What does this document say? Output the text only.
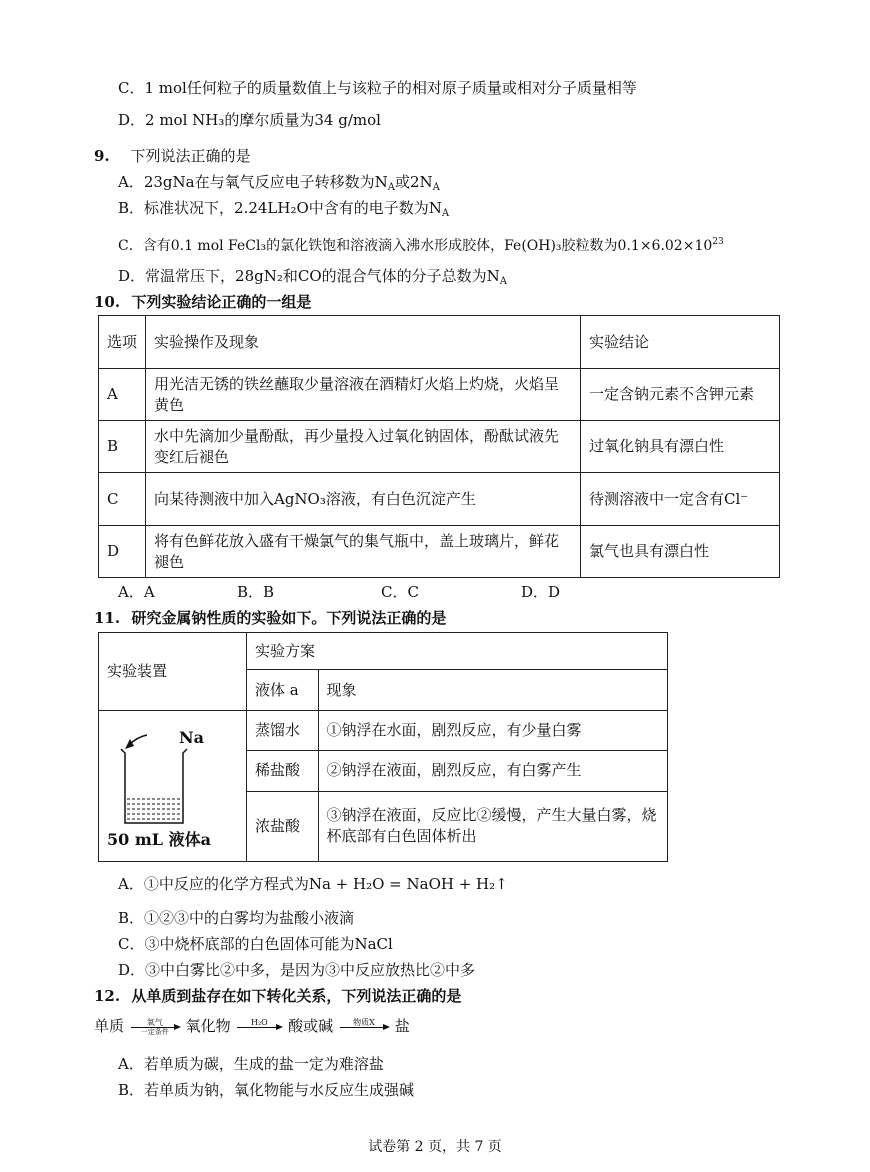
C．1 mol任何粒子的质量数值上与该粒子的相对原子质量或相对分子质量相等
D．2 mol NH₃的摩尔质量为34 g/mol
9. 下列说法正确的是
A．23gNa在与氧气反应电子转移数为$N_A$或$2N_A$
B．标准状况下，2.24LH₂O中含有的电子数为$N_A$
C．含有0.1 mol FeCl₃的氯化铁饱和溶液滴入沸水形成胶体，Fe(OH)₃胶粒数为$0.1\times 6.02\times 10^{23}$
D．常温常压下，28gN₂和CO的混合气体的分子总数为$N_A$
10. 下列实验结论正确的一组是
选项	实验操作及现象	实验结论
A	用光洁无锈的铁丝蘸取少量溶液在酒精灯火焰上灼烧，火焰呈黄色	一定含钠元素不含钾元素
B	水中先滴加少量酚酞，再少量投入过氧化钠固体，酚酞试液先变红后褪色	过氧化钠具有漂白性
C	向某待测液中加入AgNO₃溶液，有白色沉淀产生	待测溶液中一定含有Cl⁻
D	将有色鲜花放入盛有干燥氯气的集气瓶中，盖上玻璃片，鲜花褪色	氯气也具有漂白性
A．A	B．B	C．C	D．D
11. 研究金属钠性质的实验如下。下列说法正确的是
实验装置	实验方案	
	液体 a	现象

Na
50 mL 液体a	蒸馏水	①钠浮在水面，剧烈反应，有少量白雾
	稀盐酸	②钠浮在液面，剧烈反应，有白雾产生
	浓盐酸	③钠浮在液面，反应比②缓慢，产生大量白雾，烧杯底部有白色固体析出
A．①中反应的化学方程式为Na + H₂O = NaOH + H₂↑
B．①②③中的白雾均为盐酸小液滴
C．③中烧杯底部的白色固体可能为NaCl
D．③中白雾比②中多，是因为③中反应放热比②中多
12. 从单质到盐存在如下转化关系，下列说法正确的是
单质	氧气
一定条件	氧化物	H₂O	酸或碱	物质X	盐
A．若单质为碳，生成的盐一定为难溶盐
B．若单质为钠，氧化物能与水反应生成强碱
试卷第 2 页，共 7 页
